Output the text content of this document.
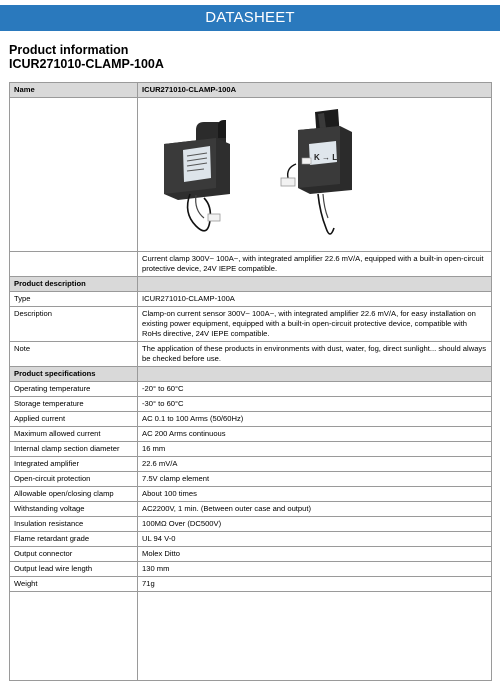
DATASHEET
Product information
ICUR271010-CLAMP-100A
Name	ICUR271010-CLAMP-100A

K → L

	Current clamp 300V~ 100A~, with integrated amplifier 22.6 mV/A, equipped with a built-in open-circuit protective device, 24V IEPE compatible.
Product description	
Type	ICUR271010-CLAMP-100A
Description	Clamp-on current sensor 300V~ 100A~, with integrated amplifier 22.6 mV/A, for easy installation on existing power equipment, equipped with a built-in open-circuit protective device, compatible with RoHs directive, 24V IEPE compatible.
Note	The application of these products in environments with dust, water, fog, direct sunlight... should always be checked before use.
Product specifications	
Operating temperature	-20° to 60°C
Storage temperature	-30° to 60°C
Applied current	AC 0.1 to 100 Arms (50/60Hz)
Maximum allowed current	AC 200 Arms continuous
Internal clamp section diameter	16 mm
Integrated amplifier	22.6 mV/A
Open-circuit protection	7.5V clamp element
Allowable open/closing clamp	About 100 times
Withstanding voltage	AC2200V, 1 min. (Between outer case and output)
Insulation resistance	100MΩ Over (DC500V)
Flame retardant grade	UL 94 V-0
Output connector	Molex Ditto
Output lead wire length	130 mm
Weight	71g
